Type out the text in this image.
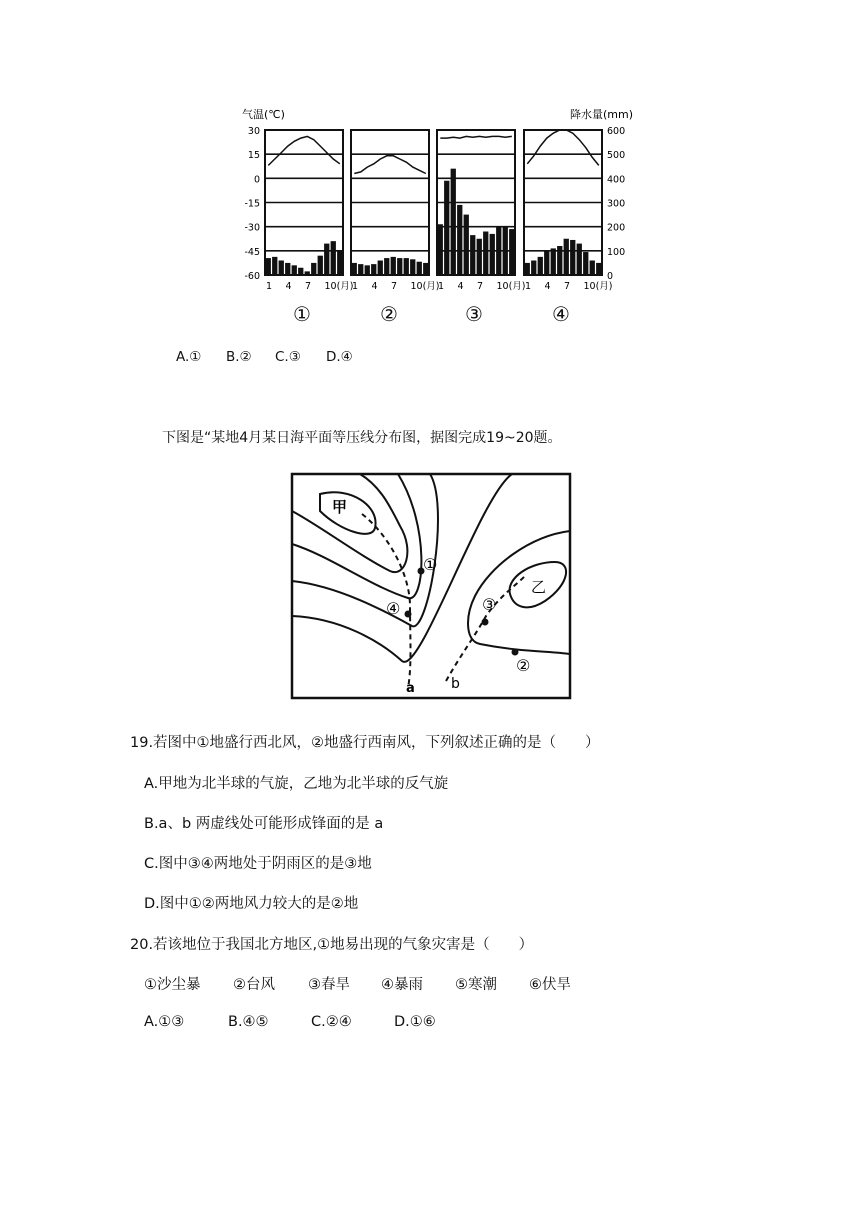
气温(℃)	降水量(mm)
30
15
0
-15
-30
-45
-60
600
500
400
300
200
100
0
1 4 7 10(月)
1 4 7 10(月)
1 4 7 10(月) 1 4 7 10(月)
①	②	③	④
A.① B.② C.③ D.④
下图是“某地4月某日海平面等压线分布图，据图完成19~20题。
甲
乙
①
④	③
②
a	b
19.若图中①地盛行西北风，②地盛行西南风，下列叙述正确的是（　　）
A.甲地为北半球的气旋，乙地为北半球的反气旋
B.a、b 两虚线处可能形成锋面的是 a
C.图中③④两地处于阴雨区的是③地
D.图中①②两地风力较大的是②地
20.若该地位于我国北方地区,①地易出现的气象灾害是（　　）
①沙尘暴 ②台风 ③春旱 ④暴雨 ⑤寒潮 ⑥伏旱
A.①③	B.④⑤	C.②④	D.①⑥
